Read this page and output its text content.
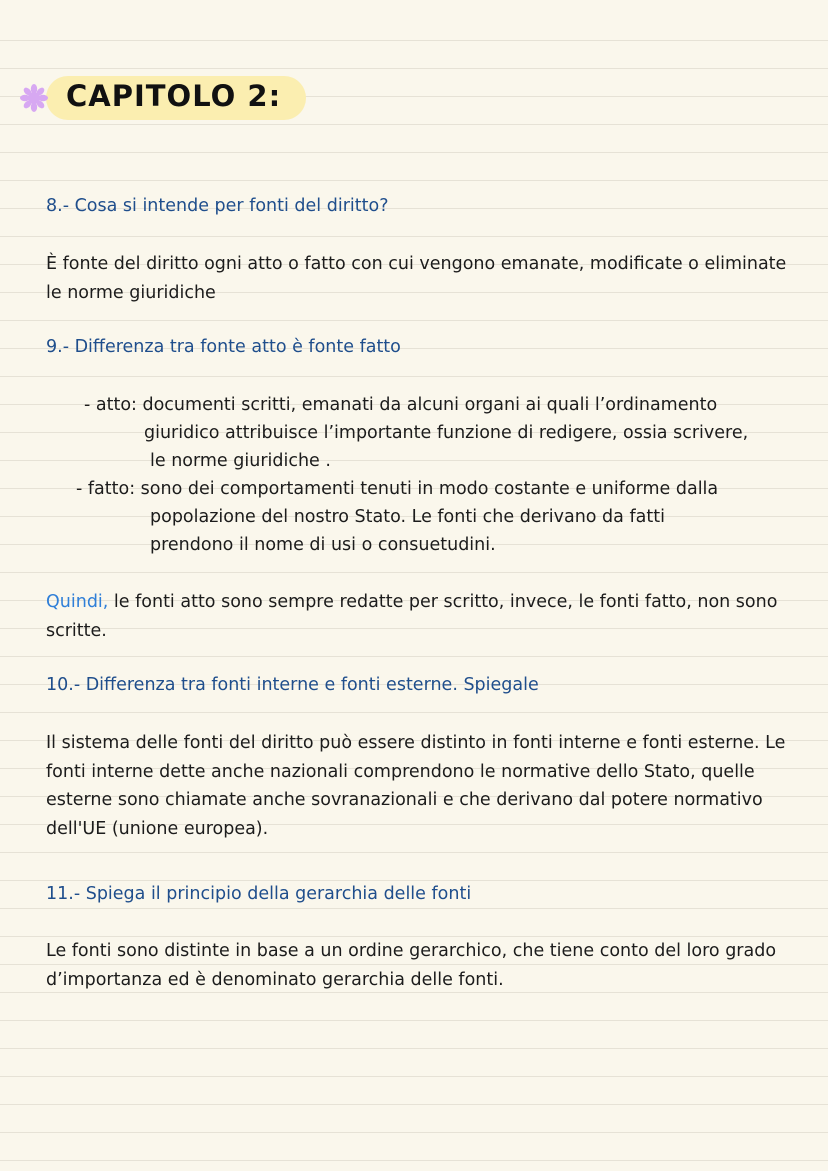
CAPITOLO 2:

8.- Cosa si intende per fonti del diritto?

È fonte del diritto ogni atto o fatto con cui vengono emanate, modificate o eliminate le norme giuridiche

9.- Differenza tra fonte atto è fonte fatto

- atto: documenti scritti, emanati da alcuni organi ai quali l’ordinamento

giuridico attribuisce l’importante funzione di redigere, ossia scrivere,

le norme giuridiche .

- fatto: sono dei comportamenti tenuti in modo costante e uniforme dalla

popolazione del nostro Stato. Le fonti che derivano da fatti

prendono il nome di usi o consuetudini.

Quindi, le fonti atto sono sempre redatte per scritto, invece, le fonti fatto, non sono scritte.

10.- Differenza tra fonti interne e fonti esterne. Spiegale

Il sistema delle fonti del diritto può essere distinto in fonti interne e fonti esterne. Le fonti interne dette anche nazionali comprendono le normative dello Stato, quelle esterne sono chiamate anche sovranazionali e che derivano dal potere normativo dell'UE (unione europea).

11.- Spiega il principio della gerarchia delle fonti

Le fonti sono distinte in base a un ordine gerarchico, che tiene conto del loro grado d’importanza ed è denominato gerarchia delle fonti.
